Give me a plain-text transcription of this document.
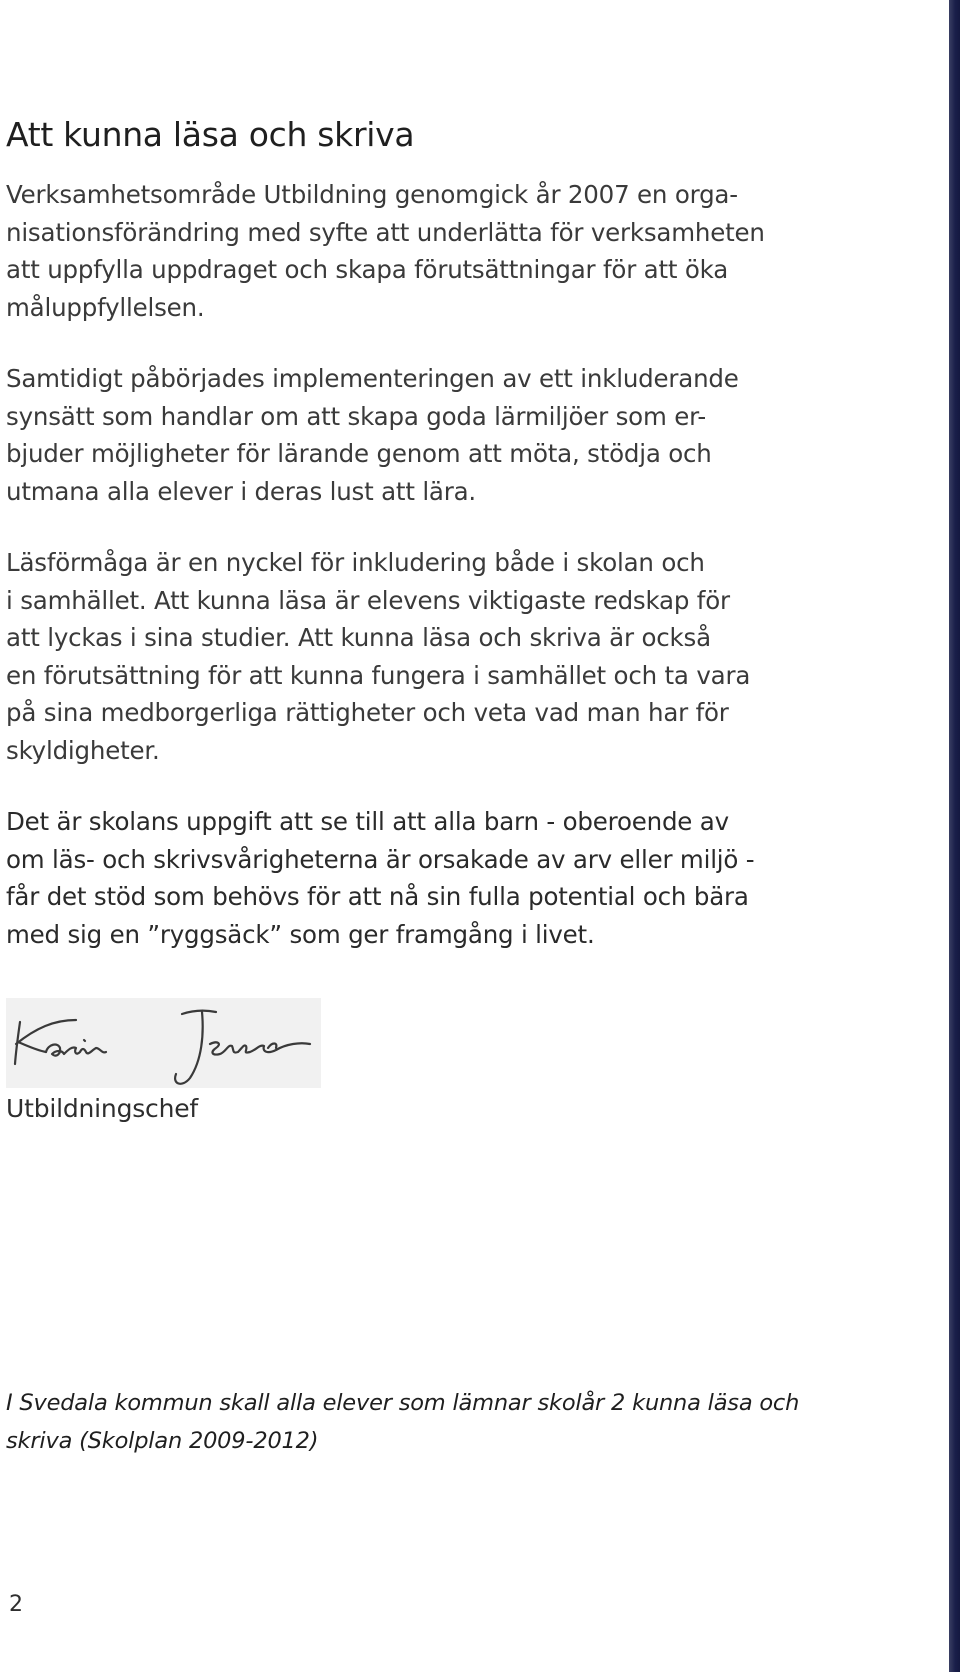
Att kunna läsa och skriva

Verksamhetsområde Utbildning genomgick år 2007 en orga-
nisationsförändring med syfte att underlätta för verksamheten
att uppfylla uppdraget och skapa förutsättningar för att öka
måluppfyllelsen.

Samtidigt påbörjades implementeringen av ett inkluderande
synsätt som handlar om att skapa goda lärmiljöer som er-
bjuder möjligheter för lärande genom att möta, stödja och
utmana alla elever i deras lust att lära.

Läsförmåga är en nyckel för inkludering både i skolan och
i samhället. Att kunna läsa är elevens viktigaste redskap för
att lyckas i sina studier. Att kunna läsa och skriva är också
en förutsättning för att kunna fungera i samhället och ta vara
på sina medborgerliga rättigheter och veta vad man har för
skyldigheter.

Det är skolans uppgift att se till att alla barn - oberoende av
om läs- och skrivsvårigheterna är orsakade av arv eller miljö -
får det stöd som behövs för att nå sin fulla potential och bära
med sig en ”ryggsäck” som ger framgång i livet.

Utbildningschef
I Svedala kommun skall alla elever som lämnar skolår 2 kunna läsa och
skriva (Skolplan 2009-2012)
2
